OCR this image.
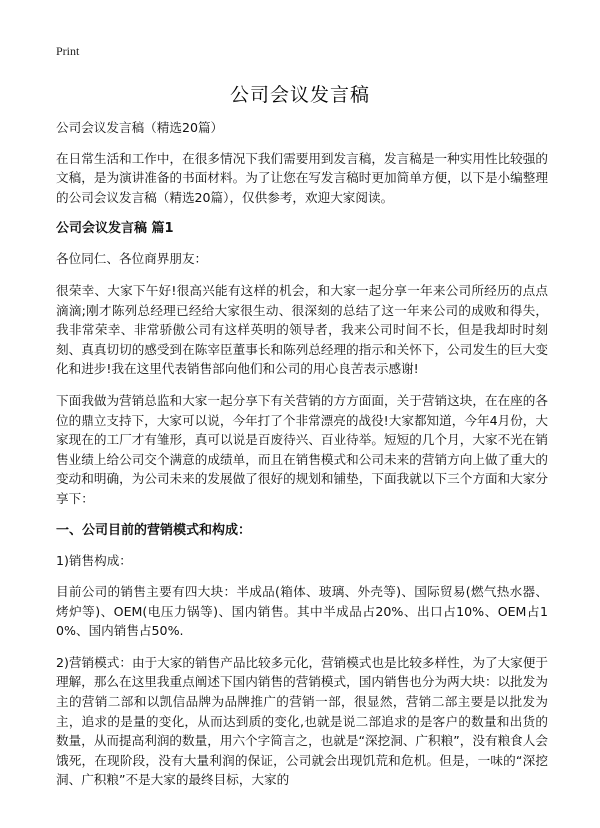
Print
公司会议发言稿

公司会议发言稿（精选20篇）

在日常生活和工作中，在很多情况下我们需要用到发言稿，发言稿是一种实用性比较强的文稿，是为演讲准备的书面材料。为了让您在写发言稿时更加简单方便，以下是小编整理的公司会议发言稿（精选20篇），仅供参考，欢迎大家阅读。

公司会议发言稿 篇1

各位同仁、各位商界朋友：

很荣幸、大家下午好!很高兴能有这样的机会，和大家一起分享一年来公司所经历的点点滴滴;刚才陈列总经理已经给大家很生动、很深刻的总结了这一年来公司的成败和得失，我非常荣幸、非常骄傲公司有这样英明的领导者，我来公司时间不长，但是我却时时刻刻、真真切切的感受到在陈宰臣董事长和陈列总经理的指示和关怀下，公司发生的巨大变化和进步!我在这里代表销售部向他们和公司的用心良苦表示感谢!

下面我做为营销总监和大家一起分享下有关营销的方方面面，关于营销这块，在在座的各位的鼎立支持下，大家可以说，今年打了个非常漂亮的战役!大家都知道，今年4月份，大家现在的工厂才有雏形，真可以说是百废待兴、百业待举。短短的几个月，大家不光在销售业绩上给公司交个满意的成绩单，而且在销售模式和公司未来的营销方向上做了重大的变动和明确，为公司未来的发展做了很好的规划和铺垫，下面我就以下三个方面和大家分享下：

一、公司目前的营销模式和构成：

1)销售构成：

目前公司的销售主要有四大块：半成品(箱体、玻璃、外壳等)、国际贸易(燃气热水器、烤炉等)、OEM(电压力锅等)、国内销售。其中半成品占20%、出口占10%、OEM占10%、国内销售占50%.

2)营销模式：由于大家的销售产品比较多元化，营销模式也是比较多样性，为了大家便于理解，那么在这里我重点阐述下国内销售的营销模式，国内销售也分为两大块：以批发为主的营销二部和以凯信品牌为品牌推广的营销一部，很显然，营销二部主要是以批发为主，追求的是量的变化，从而达到质的变化,也就是说二部追求的是客户的数量和出货的数量，从而提高利润的数量，用六个字简言之，也就是“深挖洞、广积粮”，没有粮食人会饿死，在现阶段，没有大量利润的保证，公司就会出现饥荒和危机。但是，一味的“深挖洞、广积粮”不是大家的最终目标，大家的
